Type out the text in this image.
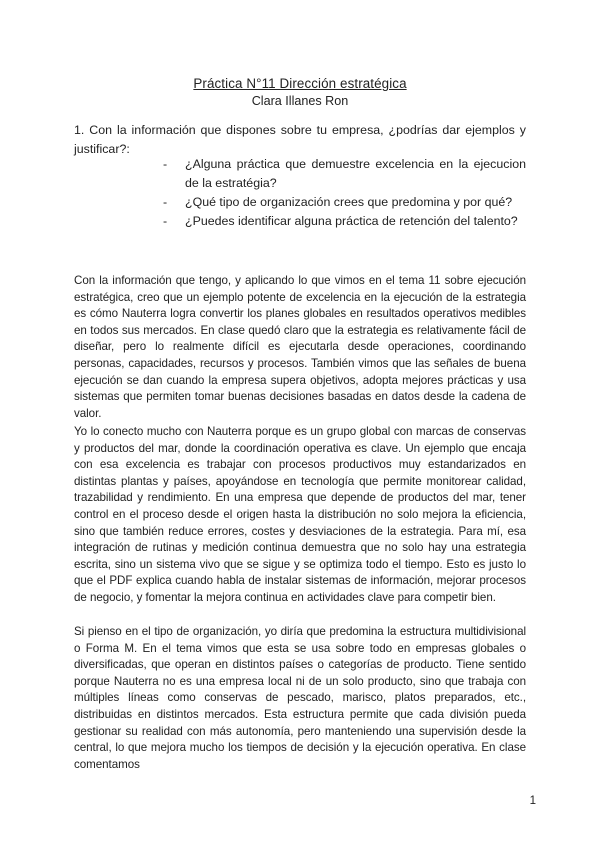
Práctica N°11 Dirección estratégica
Clara Illanes Ron
1. Con la información que dispones sobre tu empresa, ¿podrías dar ejemplos y justificar?:
- ¿Alguna práctica que demuestre excelencia en la ejecucion de la estratégia?
- ¿Qué tipo de organización crees que predomina y por qué?
- ¿Puedes identificar alguna práctica de retención del talento?

Con la información que tengo, y aplicando lo que vimos en el tema 11 sobre ejecución estratégica, creo que un ejemplo potente de excelencia en la ejecución de la estrategia es cómo Nauterra logra convertir los planes globales en resultados operativos medibles en todos sus mercados. En clase quedó claro que la estrategia es relativamente fácil de diseñar, pero lo realmente difícil es ejecutarla desde operaciones, coordinando personas, capacidades, recursos y procesos. También vimos que las señales de buena ejecución se dan cuando la empresa supera objetivos, adopta mejores prácticas y usa sistemas que permiten tomar buenas decisiones basadas en datos desde la cadena de valor.

Yo lo conecto mucho con Nauterra porque es un grupo global con marcas de conservas y productos del mar, donde la coordinación operativa es clave. Un ejemplo que encaja con esa excelencia es trabajar con procesos productivos muy estandarizados en distintas plantas y países, apoyándose en tecnología que permite monitorear calidad, trazabilidad y rendimiento. En una empresa que depende de productos del mar, tener control en el proceso desde el origen hasta la distribución no solo mejora la eficiencia, sino que también reduce errores, costes y desviaciones de la estrategia. Para mí, esa integración de rutinas y medición continua demuestra que no solo hay una estrategia escrita, sino un sistema vivo que se sigue y se optimiza todo el tiempo. Esto es justo lo que el PDF explica cuando habla de instalar sistemas de información, mejorar procesos de negocio, y fomentar la mejora continua en actividades clave para competir bien.

Si pienso en el tipo de organización, yo diría que predomina la estructura multidivisional o Forma M. En el tema vimos que esta se usa sobre todo en empresas globales o diversificadas, que operan en distintos países o categorías de producto. Tiene sentido porque Nauterra no es una empresa local ni de un solo producto, sino que trabaja con múltiples líneas como conservas de pescado, marisco, platos preparados, etc., distribuidas en distintos mercados. Esta estructura permite que cada división pueda gestionar su realidad con más autonomía, pero manteniendo una supervisión desde la central, lo que mejora mucho los tiempos de decisión y la ejecución operativa. En clase comentamos

1
